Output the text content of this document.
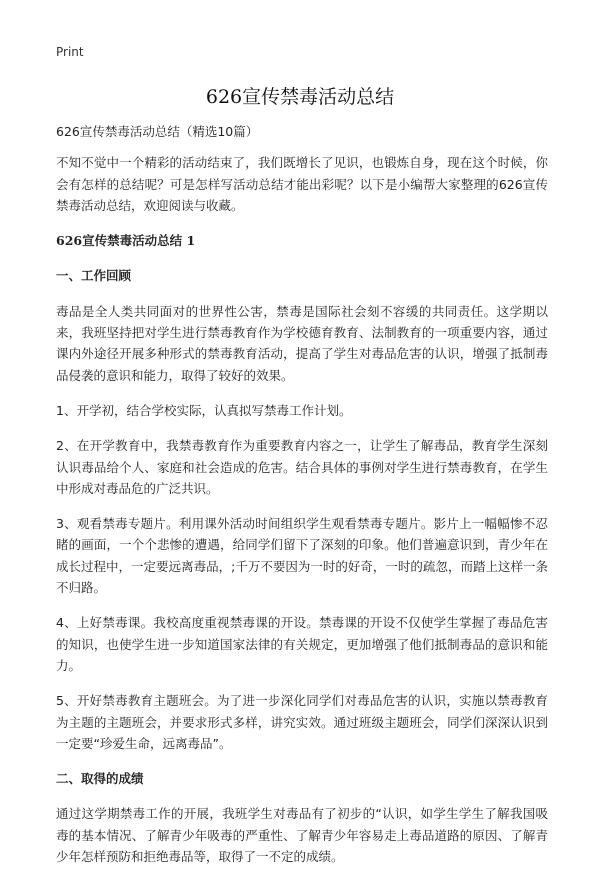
Print
626宣传禁毒活动总结

626宣传禁毒活动总结（精选10篇）

不知不觉中一个精彩的活动结束了，我们既增长了见识，也锻炼自身，现在这个时候，你会有怎样的总结呢？可是怎样写活动总结才能出彩呢？以下是小编帮大家整理的626宣传禁毒活动总结，欢迎阅读与收藏。

626宣传禁毒活动总结 1
一、工作回顾

毒品是全人类共同面对的世界性公害，禁毒是国际社会刻不容缓的共同责任。这学期以来，我班坚持把对学生进行禁毒教育作为学校德育教育、法制教育的一项重要内容，通过课内外途径开展多种形式的禁毒教育活动，提高了学生对毒品危害的认识，增强了抵制毒品侵袭的意识和能力，取得了较好的效果。

1、开学初，结合学校实际，认真拟写禁毒工作计划。

2、在开学教育中，我禁毒教育作为重要教育内容之一，让学生了解毒品，教育学生深刻认识毒品给个人、家庭和社会造成的危害。结合具体的事例对学生进行禁毒教育，在学生中形成对毒品危的广泛共识。

3、观看禁毒专题片。利用课外活动时间组织学生观看禁毒专题片。影片上一幅幅惨不忍睹的画面，一个个悲惨的遭遇，给同学们留下了深刻的印象。他们普遍意识到，青少年在成长过程中，一定要远离毒品，;千万不要因为一时的好奇，一时的疏忽，而踏上这样一条不归路。

4、上好禁毒课。我校高度重视禁毒课的开设。禁毒课的开设不仅使学生掌握了毒品危害的知识，也使学生进一步知道国家法律的有关规定，更加增强了他们抵制毒品的意识和能力。

5、开好禁毒教育主题班会。为了进一步深化同学们对毒品危害的认识，实施以禁毒教育为主题的主题班会，并要求形式多样，讲究实效。通过班级主题班会，同学们深深认识到一定要“珍爱生命，远离毒品”。

二、取得的成绩

通过这学期禁毒工作的开展，我班学生对毒品有了初步的“认识，如学生学生了解我国吸毒的基本情况、了解青少年吸毒的严重性、了解青少年容易走上毒品道路的原因、了解青少年怎样预防和拒绝毒品等，取得了一不定的成绩。
